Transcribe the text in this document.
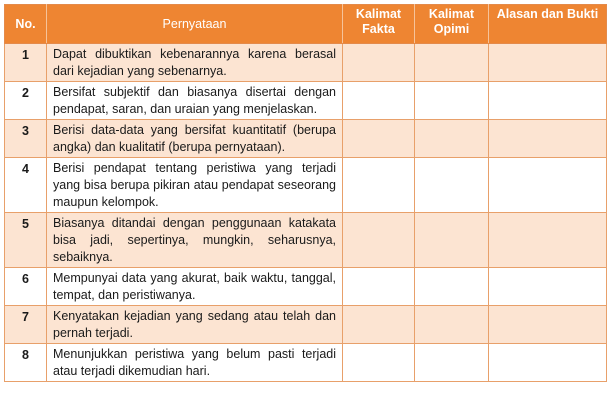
No.	Pernyataan	Kalimat Fakta	Kalimat Opimi	Alasan dan Bukti
1	Dapat dibuktikan kebenarannya karena berasal dari kejadian yang sebenarnya.			
2	Bersifat subjektif dan biasanya disertai dengan pendapat, saran, dan uraian yang menjelaskan.			
3	Berisi data-data yang bersifat kuantitatif (berupa angka) dan kualitatif (berupa pernyataan).			
4	Berisi pendapat tentang peristiwa yang terjadi yang bisa berupa pikiran atau pendapat seseorang maupun kelompok.			
5	Biasanya ditandai dengan penggunaan katakata bisa jadi, sepertinya, mungkin, seharusnya, sebaiknya.			
6	Mempunyai data yang akurat, baik waktu, tanggal, tempat, dan peristiwanya.			
7	Kenyatakan kejadian yang sedang atau telah dan pernah terjadi.			
8	Menunjukkan peristiwa yang belum pasti terjadi atau terjadi dikemudian hari.			
